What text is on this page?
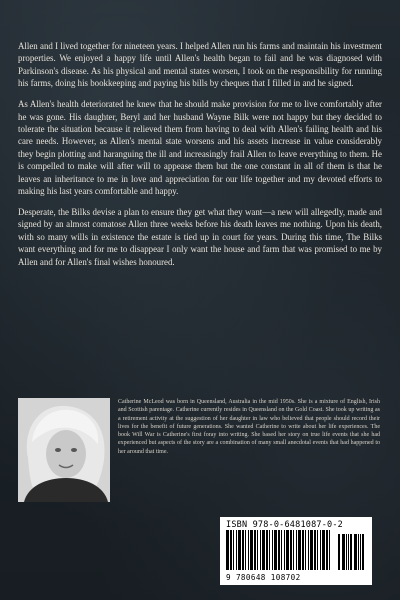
Allen and I lived together for nineteen years. I helped Allen run his farms and maintain his investment properties. We enjoyed a happy life until Allen's health began to fail and he was diagnosed with Parkinson's disease. As his physical and mental states worsen, I took on the responsibility for running his farms, doing his bookkeeping and paying his bills by cheques that I filled in and he signed.

As Allen's health deteriorated he knew that he should make provision for me to live comfortably after he was gone. His daughter, Beryl and her husband Wayne Bilk were not happy but they decided to tolerate the situation because it relieved them from having to deal with Allen's failing health and his care needs. However, as Allen's mental state worsens and his assets increase in value considerably they begin plotting and haranguing the ill and increasingly frail Allen to leave everything to them. He is compelled to make will after will to appease them but the one constant in all of them is that he leaves an inheritance to me in love and appreciation for our life together and my devoted efforts to making his last years comfortable and happy.

Desperate, the Bilks devise a plan to ensure they get what they want—a new will allegedly, made and signed by an almost comatose Allen three weeks before his death leaves me nothing. Upon his death, with so many wills in existence the estate is tied up in court for years. During this time, The Bilks want everything and for me to disappear I only want the house and farm that was promised to me by Allen and for Allen's final wishes honoured.

Catherine McLeod was born in Queensland, Australia in the mid 1950s. She is a mixture of English, Irish and Scottish parentage. Catherine currently resides in Queensland on the Gold Coast. She took up writing as a retirement activity at the suggestion of her daughter in law who believed that people should record their lives for the benefit of future generations. She wanted Catherine to write about her life experiences. The book Will War is Catherine's first foray into writing. She based her story on true life events that she had experienced but aspects of the story are a combination of many small anecdotal events that had happened to her around that time.
ISBN 978-0-6481087-0-2
9 780648 108702
